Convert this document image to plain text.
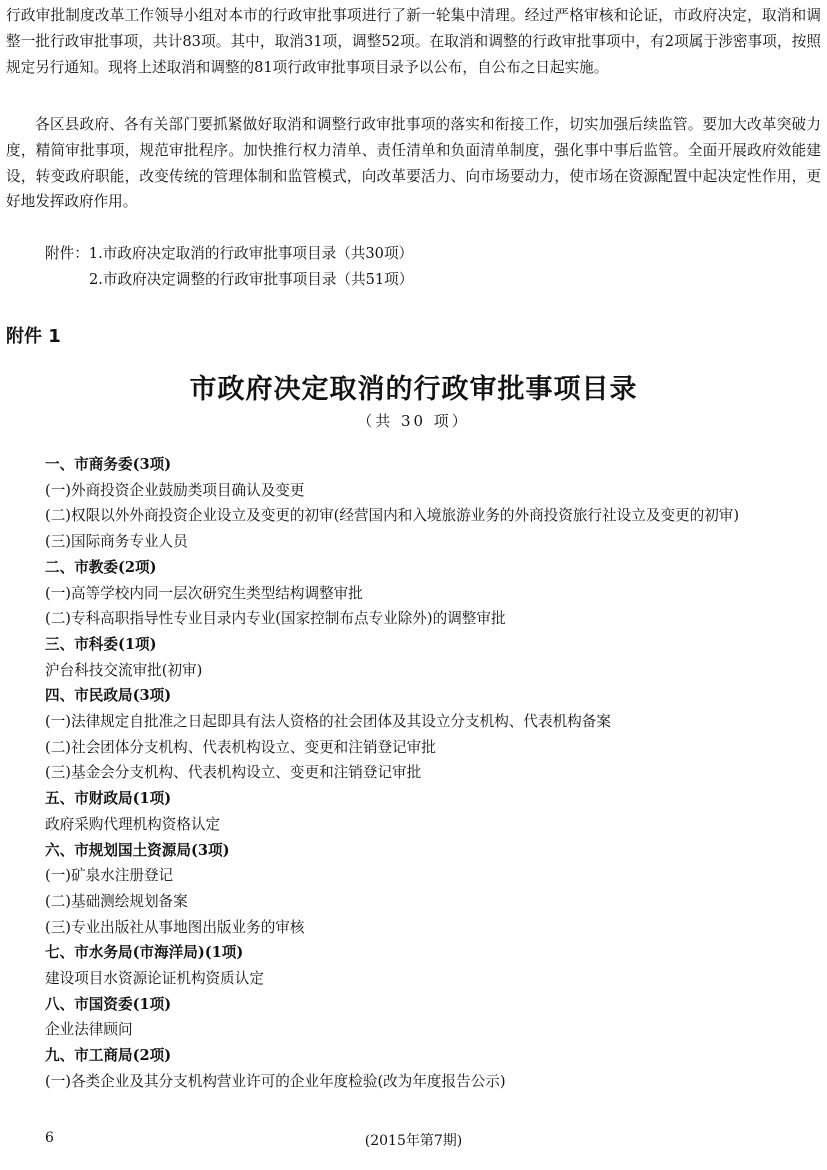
行政审批制度改革工作领导小组对本市的行政审批事项进行了新一轮集中清理。经过严格审核和论证，市政府决定，取消和调整一批行政审批事项，共计83项。其中，取消31项，调整52项。在取消和调整的行政审批事项中，有2项属于涉密事项，按照规定另行通知。现将上述取消和调整的81项行政审批事项目录予以公布，自公布之日起实施。

各区县政府、各有关部门要抓紧做好取消和调整行政审批事项的落实和衔接工作，切实加强后续监管。要加大改革突破力度，精简审批事项，规范审批程序。加快推行权力清单、责任清单和负面清单制度，强化事中事后监管。全面开展政府效能建设，转变政府职能，改变传统的管理体制和监管模式，向改革要活力、向市场要动力，使市场在资源配置中起决定性作用，更好地发挥政府作用。

附件：1.市政府决定取消的行政审批事项目录（共30项）
2.市政府决定调整的行政审批事项目录（共51项）
附件 1
市政府决定取消的行政审批事项目录
（共 30 项）

一、市商务委(3项)

(一)外商投资企业鼓励类项目确认及变更

(二)权限以外外商投资企业设立及变更的初审(经营国内和入境旅游业务的外商投资旅行社设立及变更的初审)

(三)国际商务专业人员

二、市教委(2项)

(一)高等学校内同一层次研究生类型结构调整审批

(二)专科高职指导性专业目录内专业(国家控制布点专业除外)的调整审批

三、市科委(1项)

沪台科技交流审批(初审)

四、市民政局(3项)

(一)法律规定自批准之日起即具有法人资格的社会团体及其设立分支机构、代表机构备案

(二)社会团体分支机构、代表机构设立、变更和注销登记审批

(三)基金会分支机构、代表机构设立、变更和注销登记审批

五、市财政局(1项)

政府采购代理机构资格认定

六、市规划国土资源局(3项)

(一)矿泉水注册登记

(二)基础测绘规划备案

(三)专业出版社从事地图出版业务的审核

七、市水务局(市海洋局)(1项)

建设项目水资源论证机构资质认定

八、市国资委(1项)

企业法律顾问

九、市工商局(2项)

(一)各类企业及其分支机构营业许可的企业年度检验(改为年度报告公示)

6	(2015年第7期)
